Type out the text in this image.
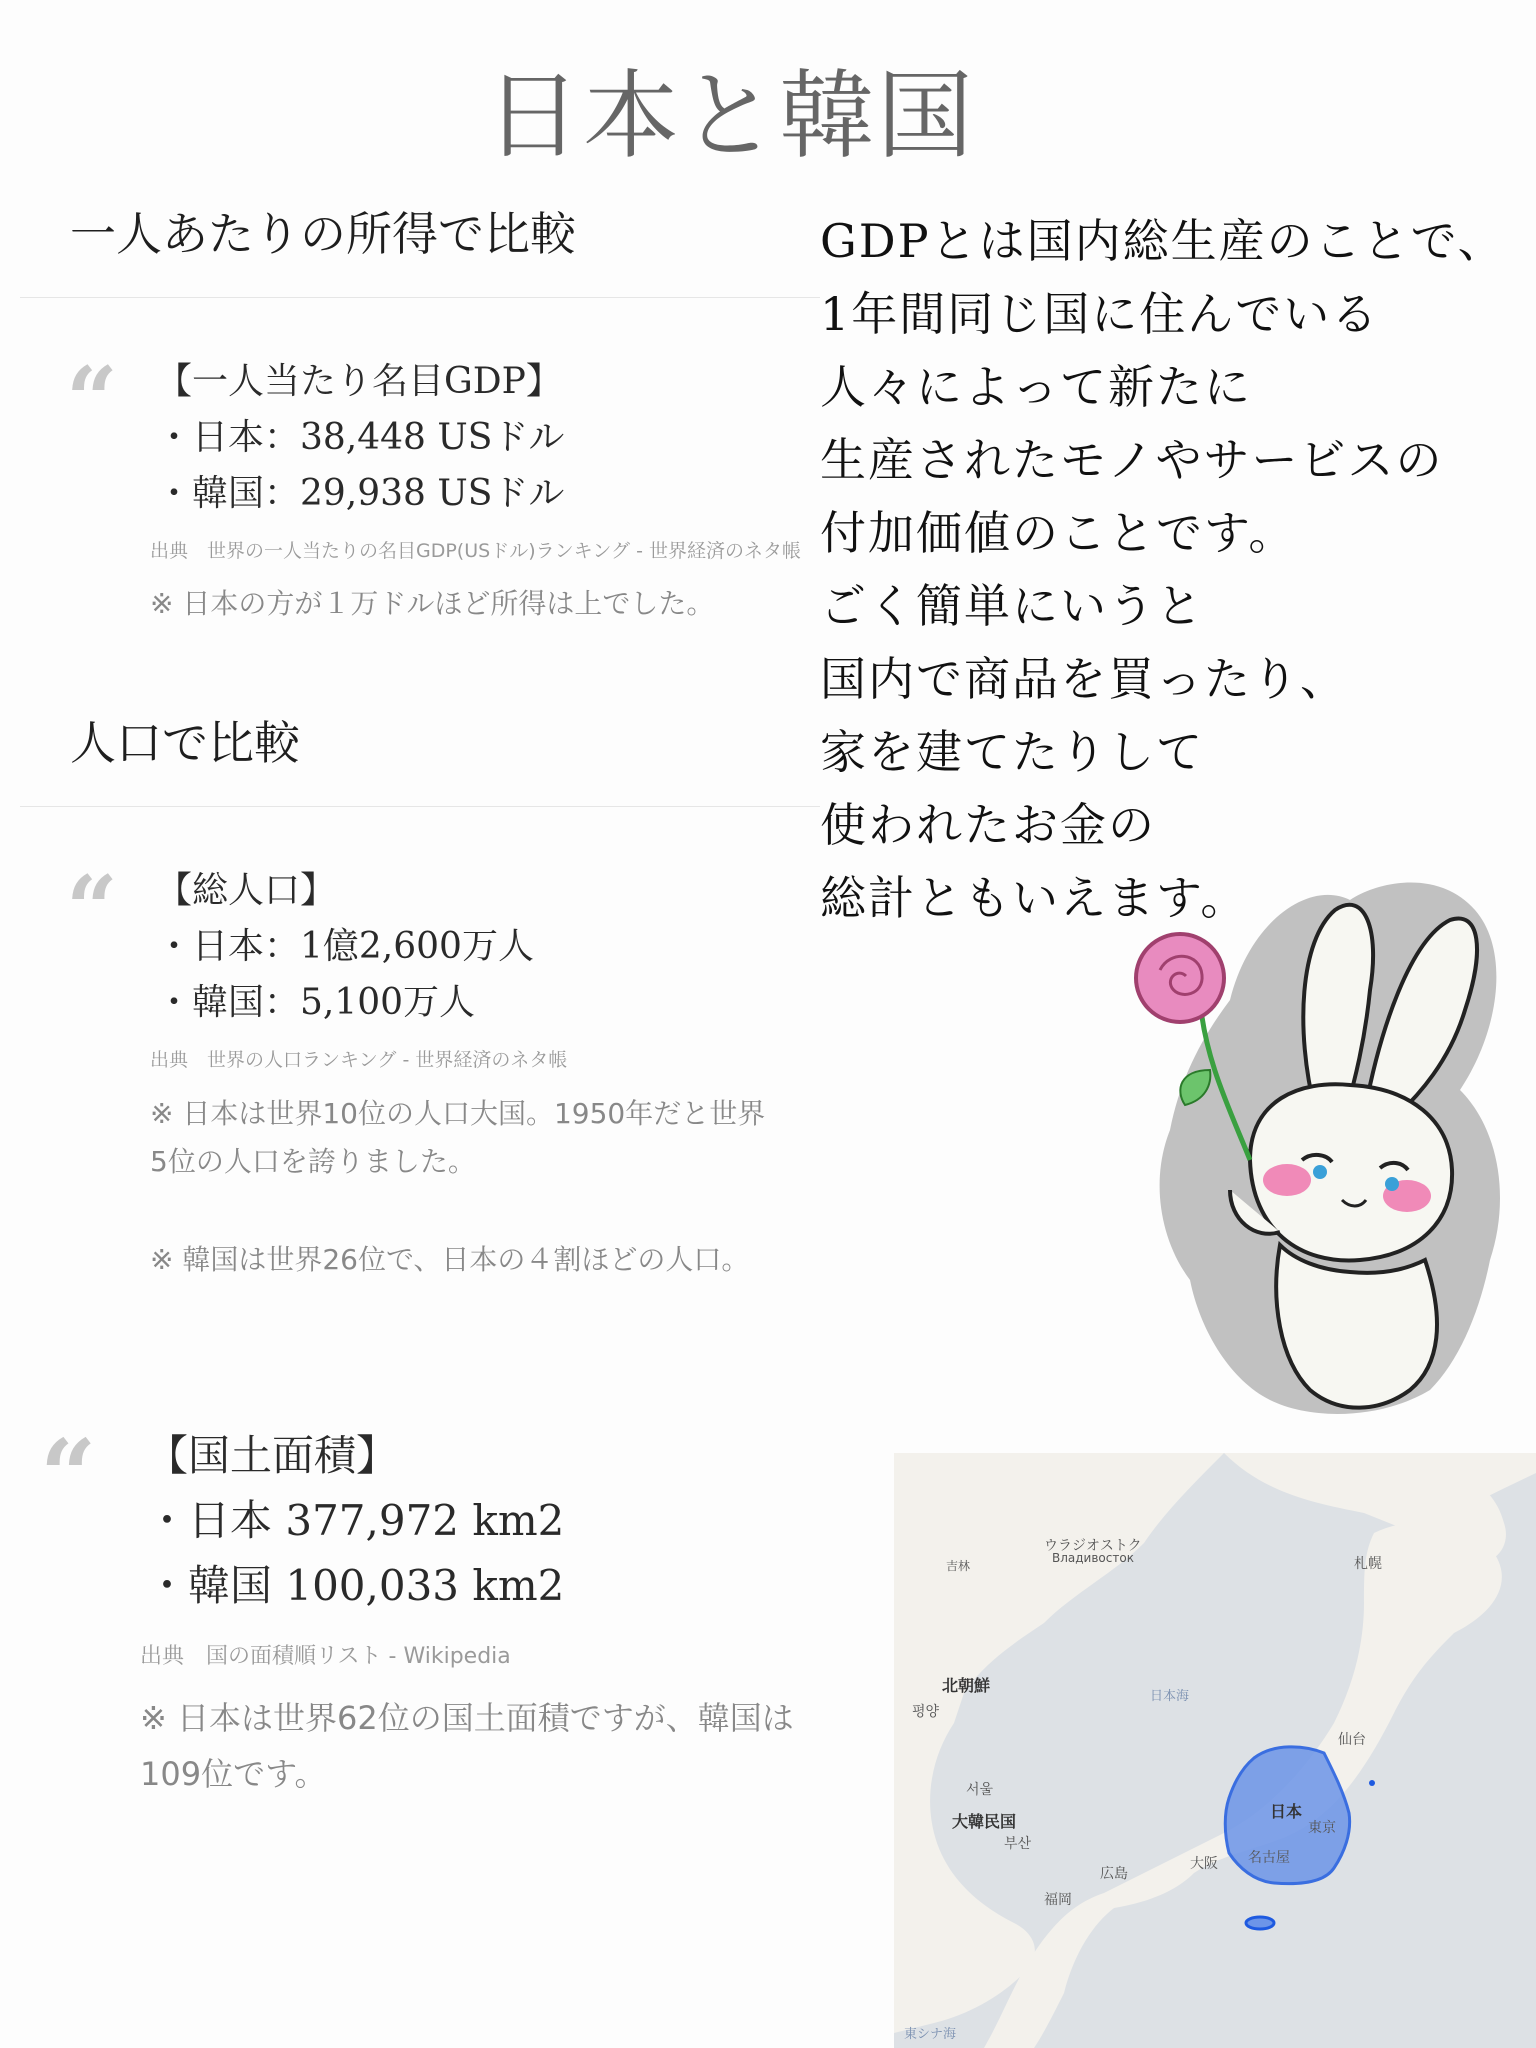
日本と韓国
一人あたりの所得で比較
“ 【一人当たり名目GDP】
・日本：38,448 USドル
・韓国：29,938 USドル
出典　世界の一人当たりの名目GDP(USドル)ランキング - 世界経済のネタ帳
※ 日本の方が１万ドルほど所得は上でした。
人口で比較
“ 【総人口】
・日本：1億2,600万人
・韓国：5,100万人
出典　世界の人口ランキング - 世界経済のネタ帳
※ 日本は世界10位の人口大国。1950年だと世界
5位の人口を誇りました。
※ 韓国は世界26位で、日本の４割ほどの人口。
“ 【国土面積】
・日本 377,972 km2
・韓国 100,033 km2
出典　国の面積順リスト - Wikipedia
※ 日本は世界62位の国土面積ですが、韓国は
109位です。
GDPとは国内総生産のことで、
1年間同じ国に住んでいる
人々によって新たに
生産されたモノやサービスの
付加価値のことです。
ごく簡単にいうと
国内で商品を買ったり、
家を建てたりして
使われたお金の
総計ともいえます。
ウラジオストク
Владивосток
吉林	札幌
北朝鮮
평양
日本海
仙台
서울
大韓民国
부산
日本
東京
広島
大阪 名古屋
福岡
東シナ海
